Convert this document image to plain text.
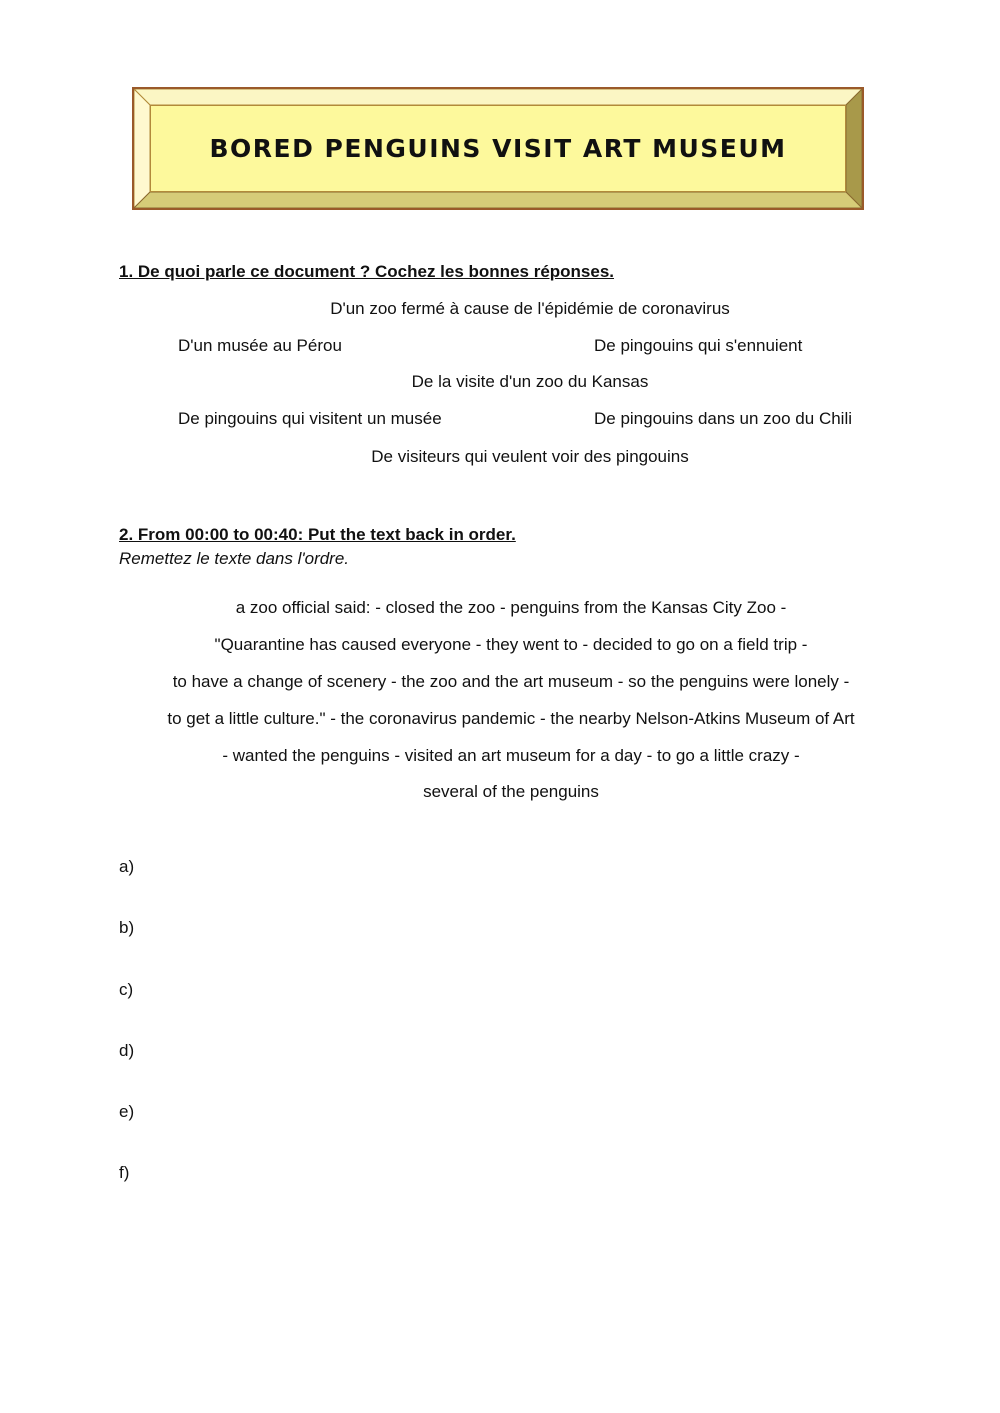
BORED PENGUINS VISIT ART MUSEUM
1. De quoi parle ce document ? Cochez les bonnes réponses.
D'un zoo fermé à cause de l'épidémie de coronavirus
D'un musée au Pérou	De pingouins qui s'ennuient
De la visite d'un zoo du Kansas
De pingouins qui visitent un musée	De pingouins dans un zoo du Chili
De visiteurs qui veulent voir des pingouins
2. From 00:00 to 00:40: Put the text back in order.
Remettez le texte dans l'ordre.
a zoo official said: - closed the zoo - penguins from the Kansas City Zoo -
"Quarantine has caused everyone - they went to - decided to go on a field trip -
to have a change of scenery - the zoo and the art museum - so the penguins were lonely -
to get a little culture." - the coronavirus pandemic - the nearby Nelson-Atkins Museum of Art
- wanted the penguins - visited an art museum for a day - to go a little crazy -
several of the penguins
a)
b)
c)
d)
e)
f)
